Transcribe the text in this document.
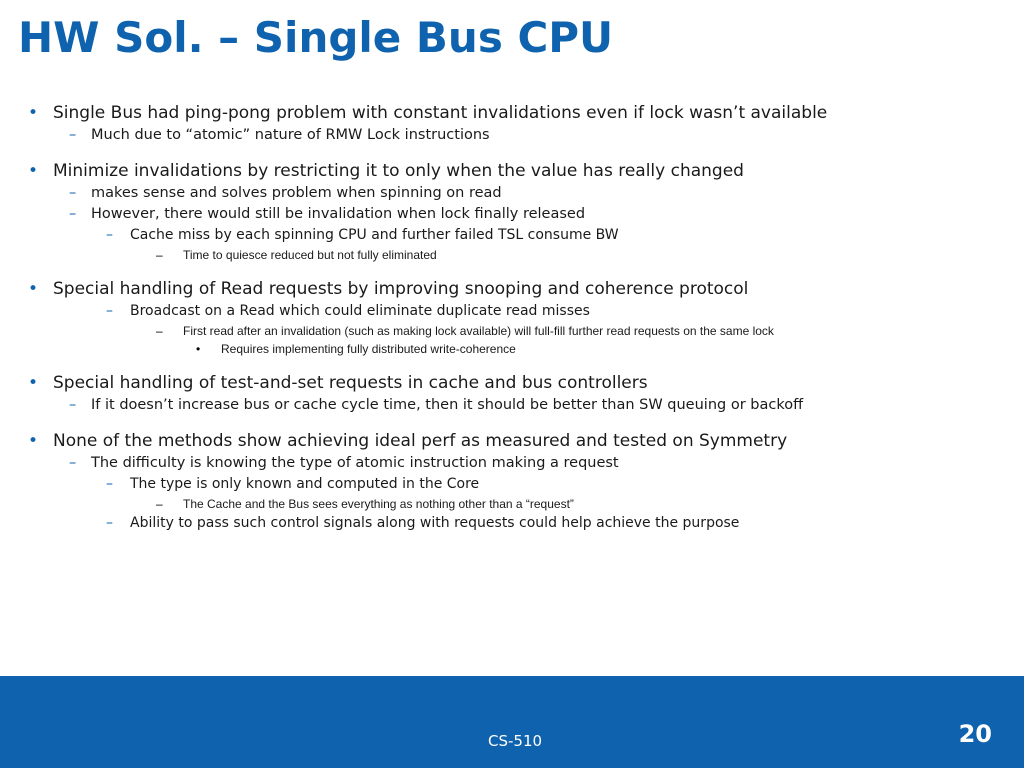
HW Sol. – Single Bus CPU
• Single Bus had ping-pong problem with constant invalidations even if lock wasn’t available
– Much due to “atomic” nature of RMW Lock instructions
• Minimize invalidations by restricting it to only when the value has really changed
– makes sense and solves problem when spinning on read
– However, there would still be invalidation when lock finally released
– Cache miss by each spinning CPU and further failed TSL consume BW
– Time to quiesce reduced but not fully eliminated
• Special handling of Read requests by improving snooping and coherence protocol
– Broadcast on a Read which could eliminate duplicate read misses
– First read after an invalidation (such as making lock available) will full-fill further read requests on the same lock
• Requires implementing fully distributed write-coherence
• Special handling of test-and-set requests in cache and bus controllers
– If it doesn’t increase bus or cache cycle time, then it should be better than SW queuing or backoff
• None of the methods show achieving ideal perf as measured and tested on Symmetry
– The difficulty is knowing the type of atomic instruction making a request
– The type is only known and computed in the Core
– The Cache and the Bus sees everything as nothing other than a “request”
– Ability to pass such control signals along with requests could help achieve the purpose
CS-510	20
